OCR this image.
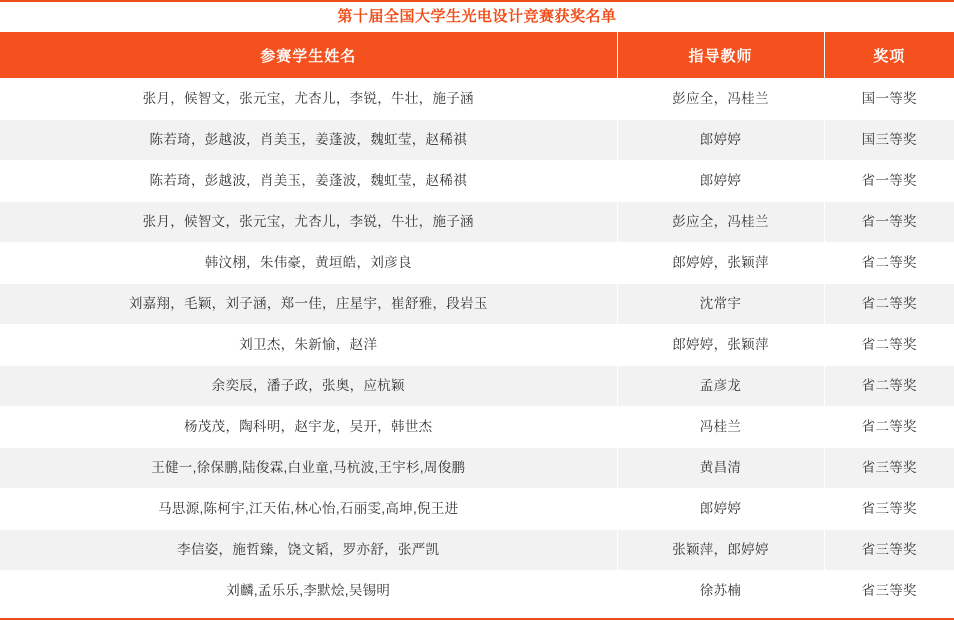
第十届全国大学生光电设计竞赛获奖名单
参赛学生姓名	指导教师	奖项
张月，候智文，张元宝，尤杏儿，李锐，牛壮，施子涵	彭应全，冯桂兰	国一等奖
陈若琦，彭越波，肖美玉，姜蓬波，魏虹莹，赵稀祺	郎婷婷	国三等奖
陈若琦，彭越波，肖美玉，姜蓬波，魏虹莹，赵稀祺	郎婷婷	省一等奖
张月，候智文，张元宝，尤杏儿，李锐，牛壮，施子涵	彭应全，冯桂兰	省一等奖
韩汶栩，朱伟豪，黄垣皓，刘彦良	郎婷婷，张颖萍	省二等奖
刘嘉翔，毛颖，刘子涵，郑一佳，庄星宇，崔舒雅，段岩玉	沈常宇	省二等奖
刘卫杰，朱新愉，赵洋	郎婷婷，张颖萍	省二等奖
余奕辰，潘子政，张奥，应杭颖	孟彦龙	省二等奖
杨茂茂，陶科明，赵宇龙，吴开，韩世杰	冯桂兰	省二等奖
王健一,徐保鹏,陆俊霖,白业童,马杭波,王宇杉,周俊鹏	黄昌清	省三等奖
马思源,陈柯宇,江天佑,林心怡,石丽雯,高坤,倪王进	郎婷婷	省三等奖
李信姿，施哲臻，饶文韬，罗亦舒，张严凯	张颖萍，郎婷婷	省三等奖
刘麟,孟乐乐,李默烩,吴锡明	徐苏楠	省三等奖
